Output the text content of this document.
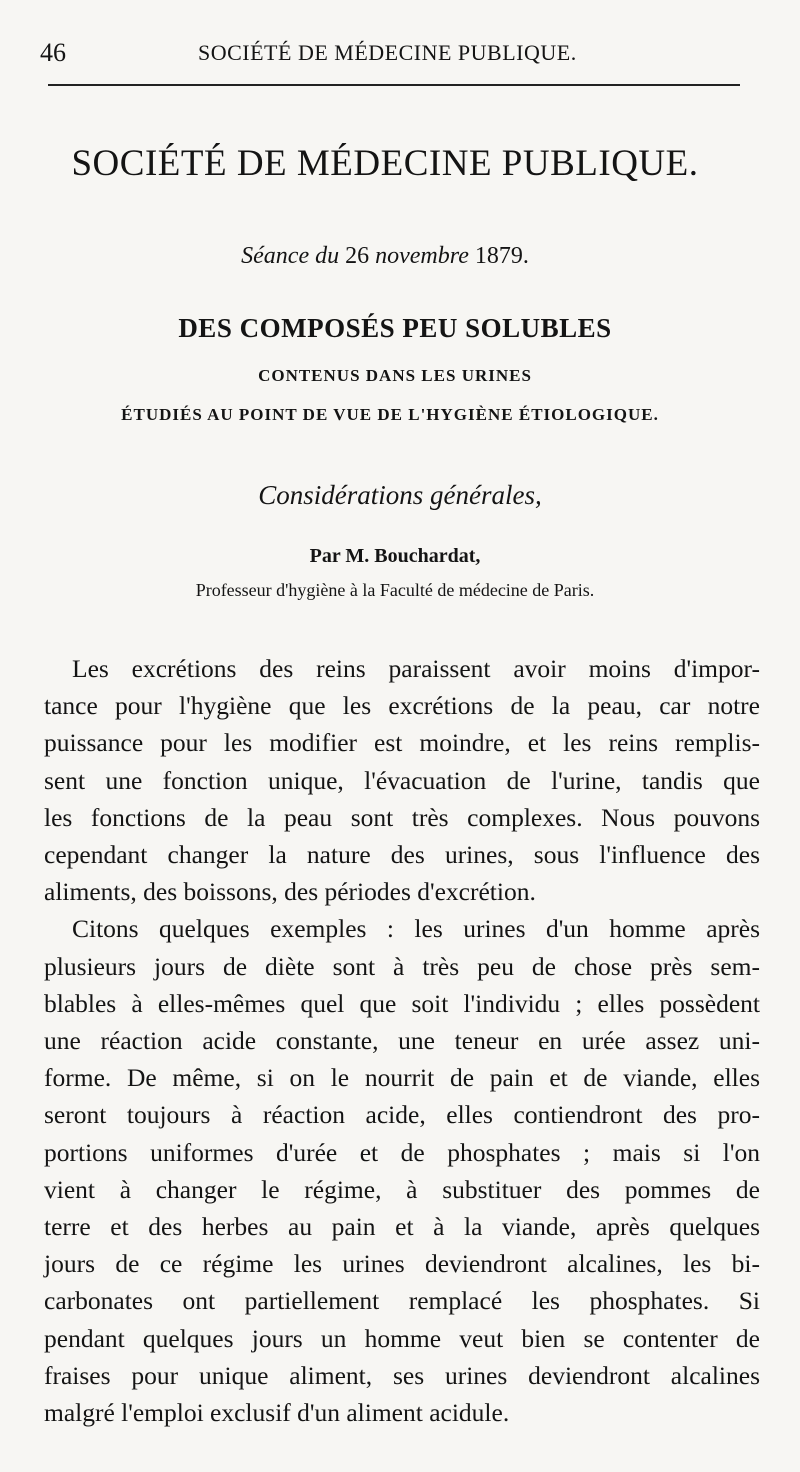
46	SOCIÉTÉ DE MÉDECINE PUBLIQUE.
SOCIÉTÉ DE MÉDECINE PUBLIQUE.
Séance du 26 novembre 1879.
DES COMPOSÉS PEU SOLUBLES
CONTENUS DANS LES URINES
ÉTUDIÉS AU POINT DE VUE DE L'HYGIÈNE ÉTIOLOGIQUE.
Considérations générales,
Par M. Bouchardat,
Professeur d'hygiène à la Faculté de médecine de Paris.
Les excrétions des reins paraissent avoir moins d'impor-
tance pour l'hygiène que les excrétions de la peau, car notre
puissance pour les modifier est moindre, et les reins remplis-
sent une fonction unique, l'évacuation de l'urine, tandis que
les fonctions de la peau sont très complexes. Nous pouvons
cependant changer la nature des urines, sous l'influence des
aliments, des boissons, des périodes d'excrétion.
Citons quelques exemples : les urines d'un homme après
plusieurs jours de diète sont à très peu de chose près sem-
blables à elles-mêmes quel que soit l'individu ; elles possèdent
une réaction acide constante, une teneur en urée assez uni-
forme. De même, si on le nourrit de pain et de viande, elles
seront toujours à réaction acide, elles contiendront des pro-
portions uniformes d'urée et de phosphates ; mais si l'on
vient à changer le régime, à substituer des pommes de
terre et des herbes au pain et à la viande, après quelques
jours de ce régime les urines deviendront alcalines, les bi-
carbonates ont partiellement remplacé les phosphates. Si
pendant quelques jours un homme veut bien se contenter de
fraises pour unique aliment, ses urines deviendront alcalines
malgré l'emploi exclusif d'un aliment acidule.
